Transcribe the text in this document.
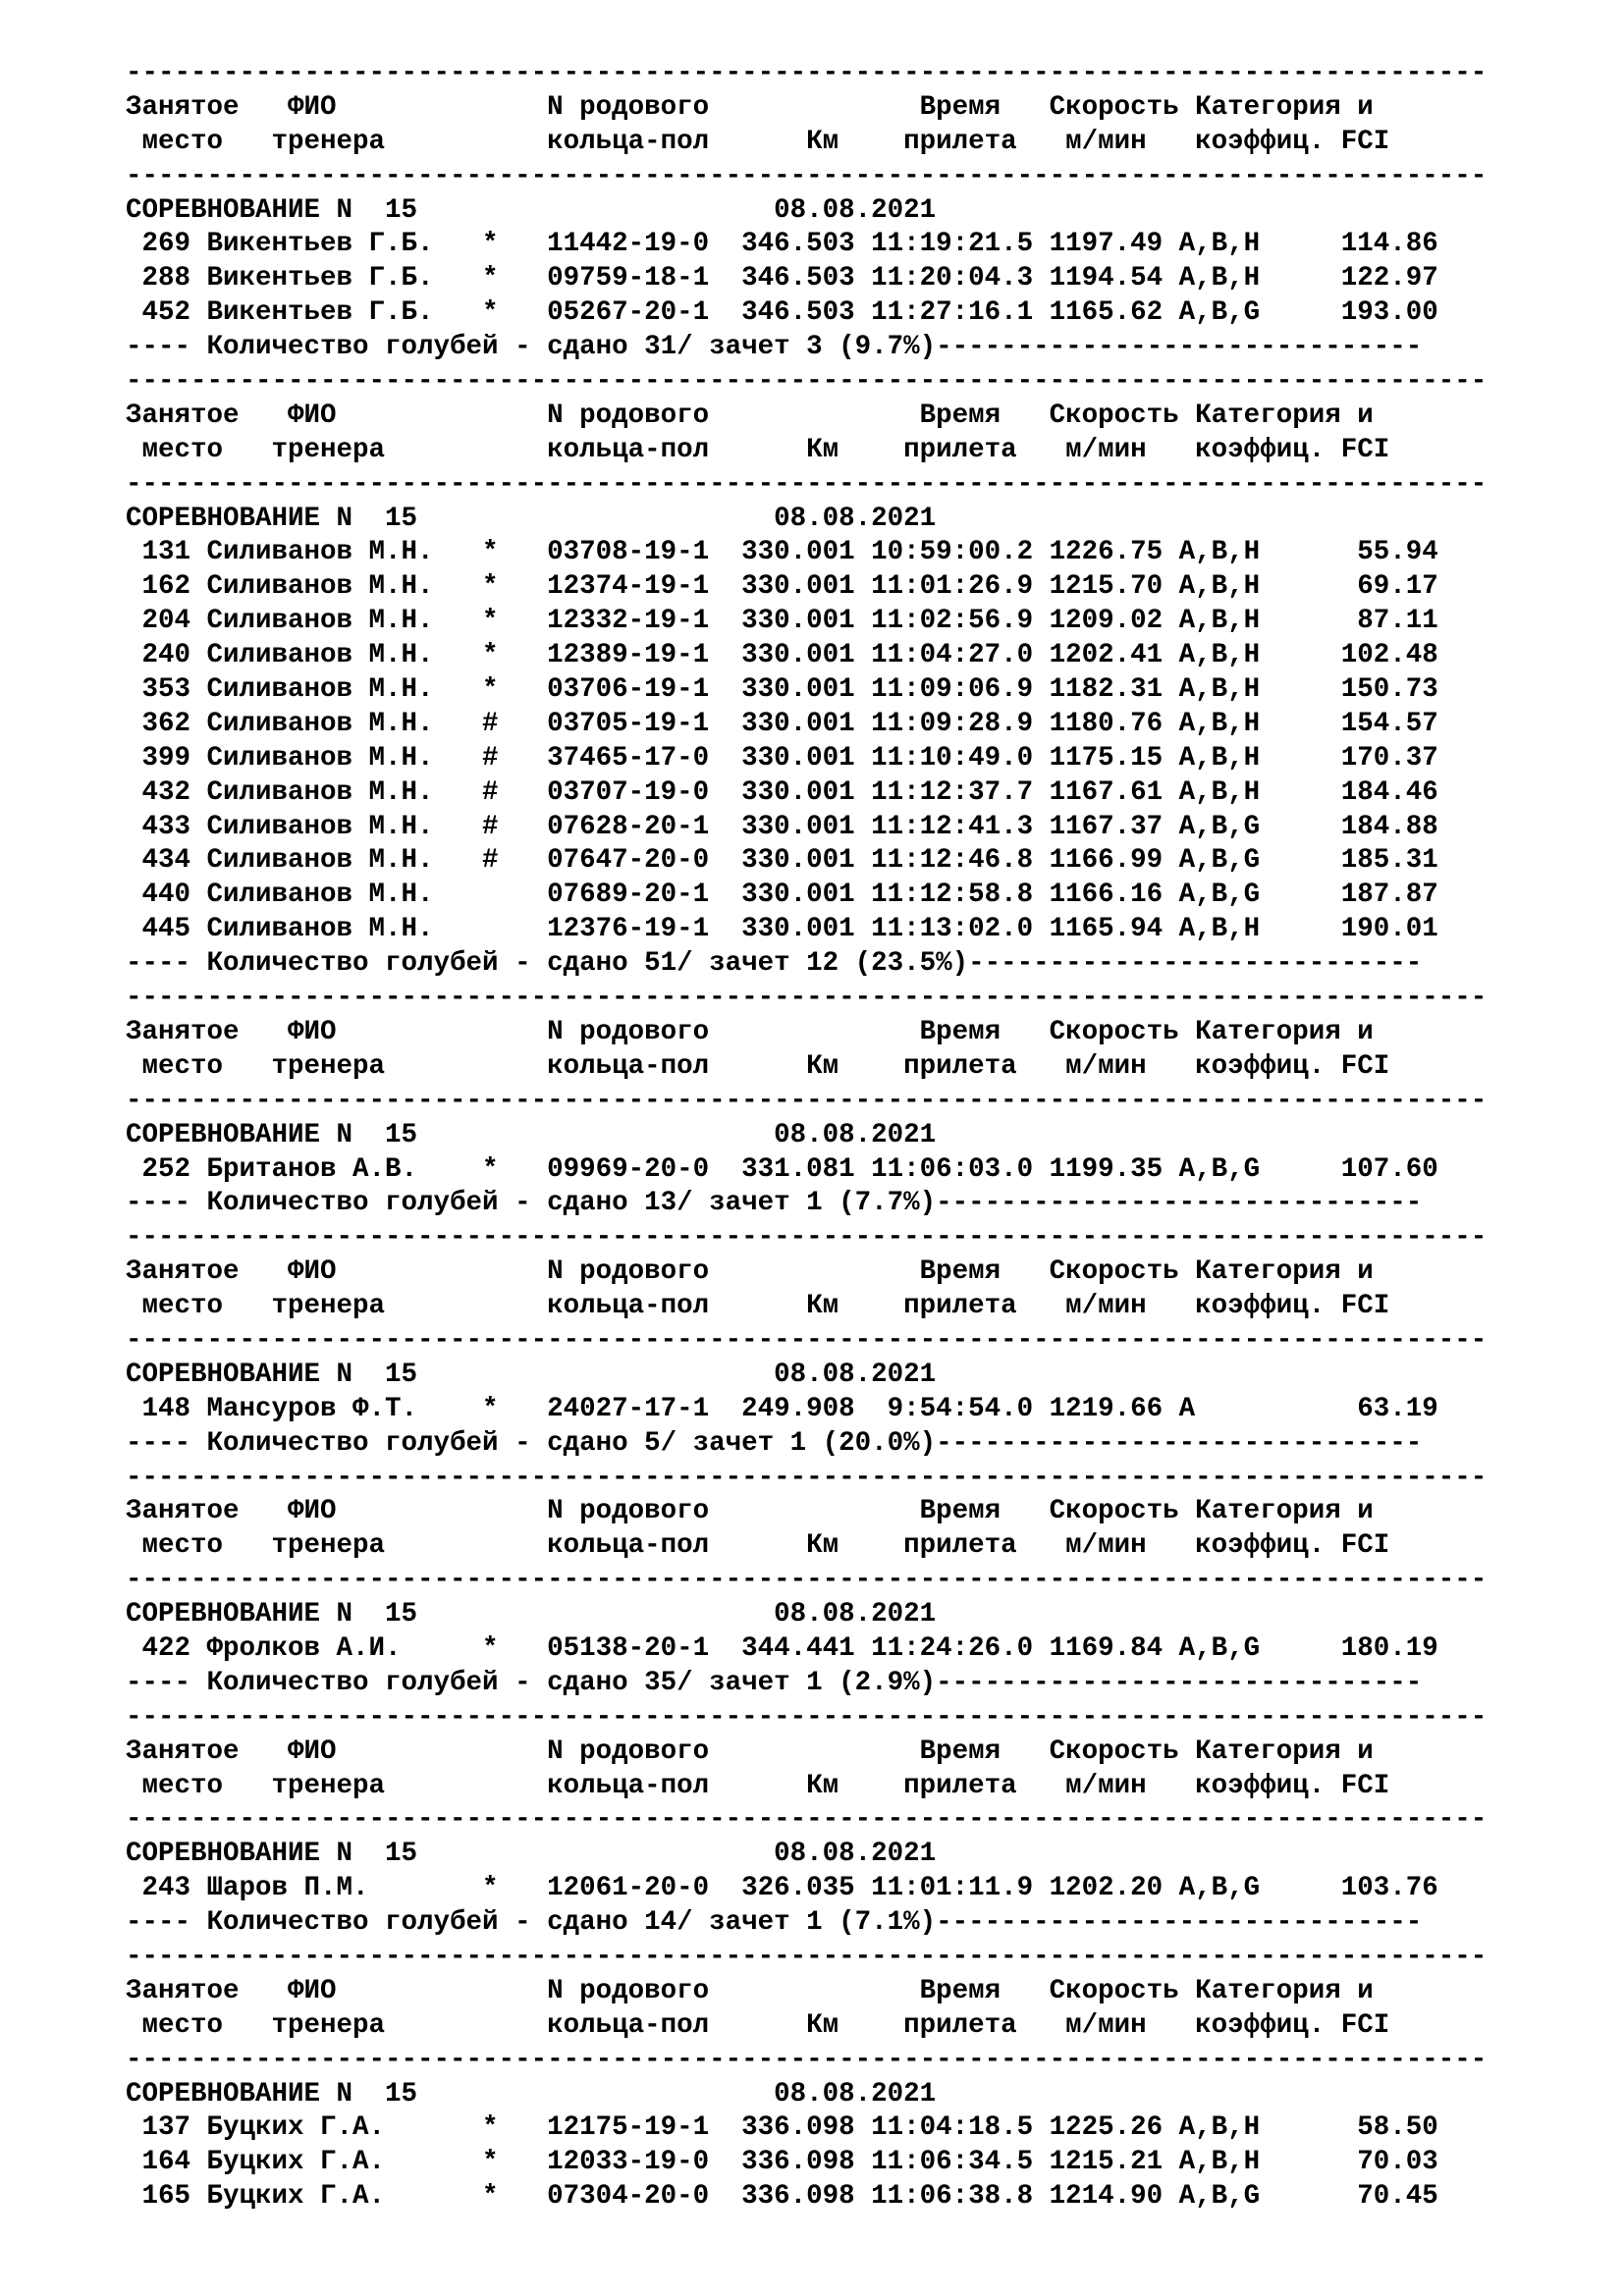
------------------------------------------------------------------------------------
Занятое   ФИО             N родового             Время   Скорость Категория и
место   тренера          кольца-пол      Км    прилета   м/мин   коэффиц. FCI
------------------------------------------------------------------------------------
СОРЕВНОВАНИЕ N  15	08.08.2021
269 Викентьев Г.Б.   *   11442-19-0  346.503 11:19:21.5 1197.49 A,B,H     114.86
288 Викентьев Г.Б.   *   09759-18-1  346.503 11:20:04.3 1194.54 A,B,H     122.97
452 Викентьев Г.Б.   *   05267-20-1  346.503 11:27:16.1 1165.62 A,B,G     193.00
---- Количество голубей - сдано 31/ зачет 3 (9.7%)------------------------------
------------------------------------------------------------------------------------
Занятое   ФИО             N родового             Время   Скорость Категория и
место   тренера          кольца-пол      Км    прилета   м/мин   коэффиц. FCI
------------------------------------------------------------------------------------
СОРЕВНОВАНИЕ N  15	08.08.2021
131 Силиванов М.Н.   *   03708-19-1  330.001 10:59:00.2 1226.75 A,B,H      55.94
162 Силиванов М.Н.   *   12374-19-1  330.001 11:01:26.9 1215.70 A,B,H      69.17
204 Силиванов М.Н.   *   12332-19-1  330.001 11:02:56.9 1209.02 A,B,H      87.11
240 Силиванов М.Н.   *   12389-19-1  330.001 11:04:27.0 1202.41 A,B,H     102.48
353 Силиванов М.Н.   *   03706-19-1  330.001 11:09:06.9 1182.31 A,B,H     150.73
362 Силиванов М.Н.   #   03705-19-1  330.001 11:09:28.9 1180.76 A,B,H     154.57
399 Силиванов М.Н.   #   37465-17-0  330.001 11:10:49.0 1175.15 A,B,H     170.37
432 Силиванов М.Н.   #   03707-19-0  330.001 11:12:37.7 1167.61 A,B,H     184.46
433 Силиванов М.Н.   #   07628-20-1  330.001 11:12:41.3 1167.37 A,B,G     184.88
434 Силиванов М.Н.   #   07647-20-0  330.001 11:12:46.8 1166.99 A,B,G     185.31
440 Силиванов М.Н.       07689-20-1  330.001 11:12:58.8 1166.16 A,B,G     187.87
445 Силиванов М.Н.       12376-19-1  330.001 11:13:02.0 1165.94 A,B,H     190.01
---- Количество голубей - сдано 51/ зачет 12 (23.5%)----------------------------
------------------------------------------------------------------------------------
Занятое   ФИО             N родового             Время   Скорость Категория и
место   тренера          кольца-пол      Км    прилета   м/мин   коэффиц. FCI
------------------------------------------------------------------------------------
СОРЕВНОВАНИЕ N  15	08.08.2021
252 Британов А.В.    *   09969-20-0  331.081 11:06:03.0 1199.35 A,B,G     107.60
---- Количество голубей - сдано 13/ зачет 1 (7.7%)------------------------------
------------------------------------------------------------------------------------
Занятое   ФИО             N родового             Время   Скорость Категория и
место   тренера          кольца-пол      Км    прилета   м/мин   коэффиц. FCI
------------------------------------------------------------------------------------
СОРЕВНОВАНИЕ N  15	08.08.2021
148 Мансуров Ф.Т.    *   24027-17-1  249.908  9:54:54.0 1219.66 A          63.19
---- Количество голубей - сдано 5/ зачет 1 (20.0%)------------------------------
------------------------------------------------------------------------------------
Занятое   ФИО             N родового             Время   Скорость Категория и
место   тренера          кольца-пол      Км    прилета   м/мин   коэффиц. FCI
------------------------------------------------------------------------------------
СОРЕВНОВАНИЕ N  15	08.08.2021
422 Фролков А.И.     *   05138-20-1  344.441 11:24:26.0 1169.84 A,B,G     180.19
---- Количество голубей - сдано 35/ зачет 1 (2.9%)------------------------------
------------------------------------------------------------------------------------
Занятое   ФИО             N родового             Время   Скорость Категория и
место   тренера          кольца-пол      Км    прилета   м/мин   коэффиц. FCI
------------------------------------------------------------------------------------
СОРЕВНОВАНИЕ N  15	08.08.2021
243 Шаров П.М.       *   12061-20-0  326.035 11:01:11.9 1202.20 A,B,G     103.76
---- Количество голубей - сдано 14/ зачет 1 (7.1%)------------------------------
------------------------------------------------------------------------------------
Занятое   ФИО             N родового             Время   Скорость Категория и
место   тренера          кольца-пол      Км    прилета   м/мин   коэффиц. FCI
------------------------------------------------------------------------------------
СОРЕВНОВАНИЕ N  15	08.08.2021
137 Буцких Г.А.      *   12175-19-1  336.098 11:04:18.5 1225.26 A,B,H      58.50
164 Буцких Г.А.      *   12033-19-0  336.098 11:06:34.5 1215.21 A,B,H      70.03
165 Буцких Г.А.      *   07304-20-0  336.098 11:06:38.8 1214.90 A,B,G      70.45
